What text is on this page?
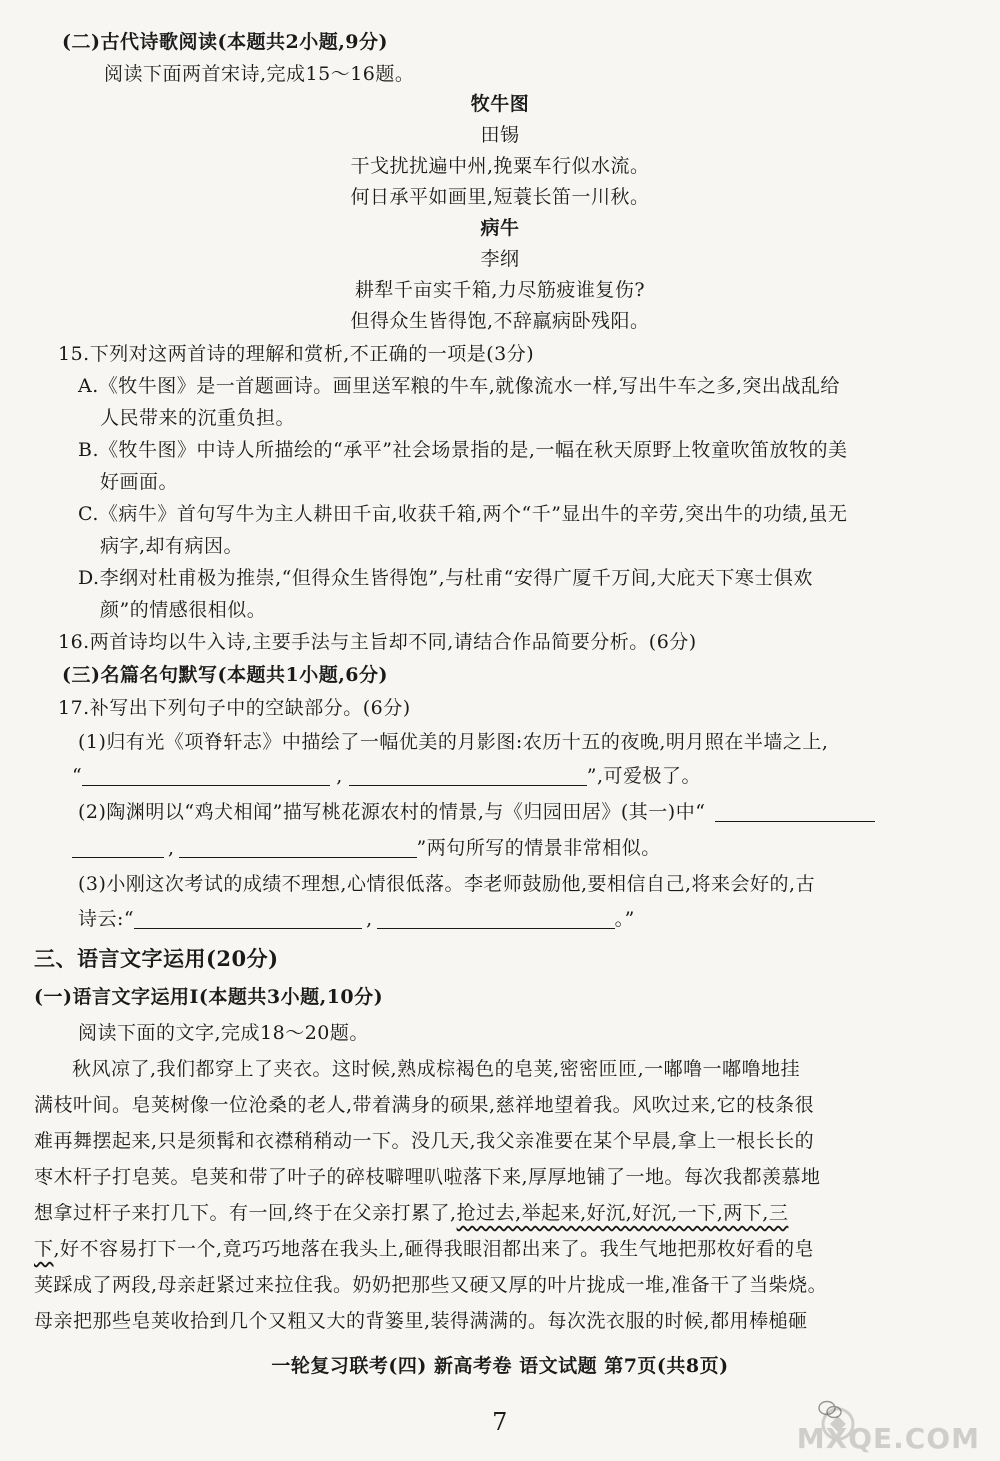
(二)古代诗歌阅读(本题共2小题,9分)
阅读下面两首宋诗,完成15～16题。
牧牛图
田锡
干戈扰扰遍中州,挽粟车行似水流。
何日承平如画里,短蓑长笛一川秋。
病牛
李纲
耕犁千亩实千箱,力尽筋疲谁复伤?
但得众生皆得饱,不辞羸病卧残阳。
15.下列对这两首诗的理解和赏析,不正确的一项是(3分)
A.《牧牛图》是一首题画诗。画里送军粮的牛车,就像流水一样,写出牛车之多,突出战乱给
人民带来的沉重负担。
B.《牧牛图》中诗人所描绘的“承平”社会场景指的是,一幅在秋天原野上牧童吹笛放牧的美
好画面。
C.《病牛》首句写牛为主人耕田千亩,收获千箱,两个“千”显出牛的辛劳,突出牛的功绩,虽无
病字,却有病因。
D.李纲对杜甫极为推崇,“但得众生皆得饱”,与杜甫“安得广厦千万间,大庇天下寒士俱欢
颜”的情感很相似。
16.两首诗均以牛入诗,主要手法与主旨却不同,请结合作品简要分析。(6分)
(三)名篇名句默写(本题共1小题,6分)
17.补写出下列句子中的空缺部分。(6分)
(1)归有光《项脊轩志》中描绘了一幅优美的月影图:农历十五的夜晚,明月照在半墙之上,
“	,	”,可爱极了。
(2)陶渊明以“鸡犬相闻”描写桃花源农村的情景,与《归园田居》(其一)中“
,	”两句所写的情景非常相似。
(3)小刚这次考试的成绩不理想,心情很低落。李老师鼓励他,要相信自己,将来会好的,古
诗云:“	,	。”
三、语言文字运用(20分)
(一)语言文字运用Ⅰ(本题共3小题,10分)
阅读下面的文字,完成18～20题。
秋风凉了,我们都穿上了夹衣。这时候,熟成棕褐色的皂荚,密密匝匝,一嘟噜一嘟噜地挂
满枝叶间。皂荚树像一位沧桑的老人,带着满身的硕果,慈祥地望着我。风吹过来,它的枝条很
难再舞摆起来,只是须髯和衣襟稍稍动一下。没几天,我父亲准要在某个早晨,拿上一根长长的
枣木杆子打皂荚。皂荚和带了叶子的碎枝噼哩叭啦落下来,厚厚地铺了一地。每次我都羡慕地
想拿过杆子来打几下。有一回,终于在父亲打累了,抢过去,举起来,好沉,好沉,一下,两下,三
下,好不容易打下一个,竟巧巧地落在我头上,砸得我眼泪都出来了。我生气地把那枚好看的皂
荚踩成了两段,母亲赶紧过来拉住我。奶奶把那些又硬又厚的叶片拢成一堆,准备干了当柴烧。
母亲把那些皂荚收拾到几个又粗又大的背篓里,装得满满的。每次洗衣服的时候,都用棒槌砸
一轮复习联考(四) 新高考卷 语文试题 第7页(共8页)
7	MXQE.COM
